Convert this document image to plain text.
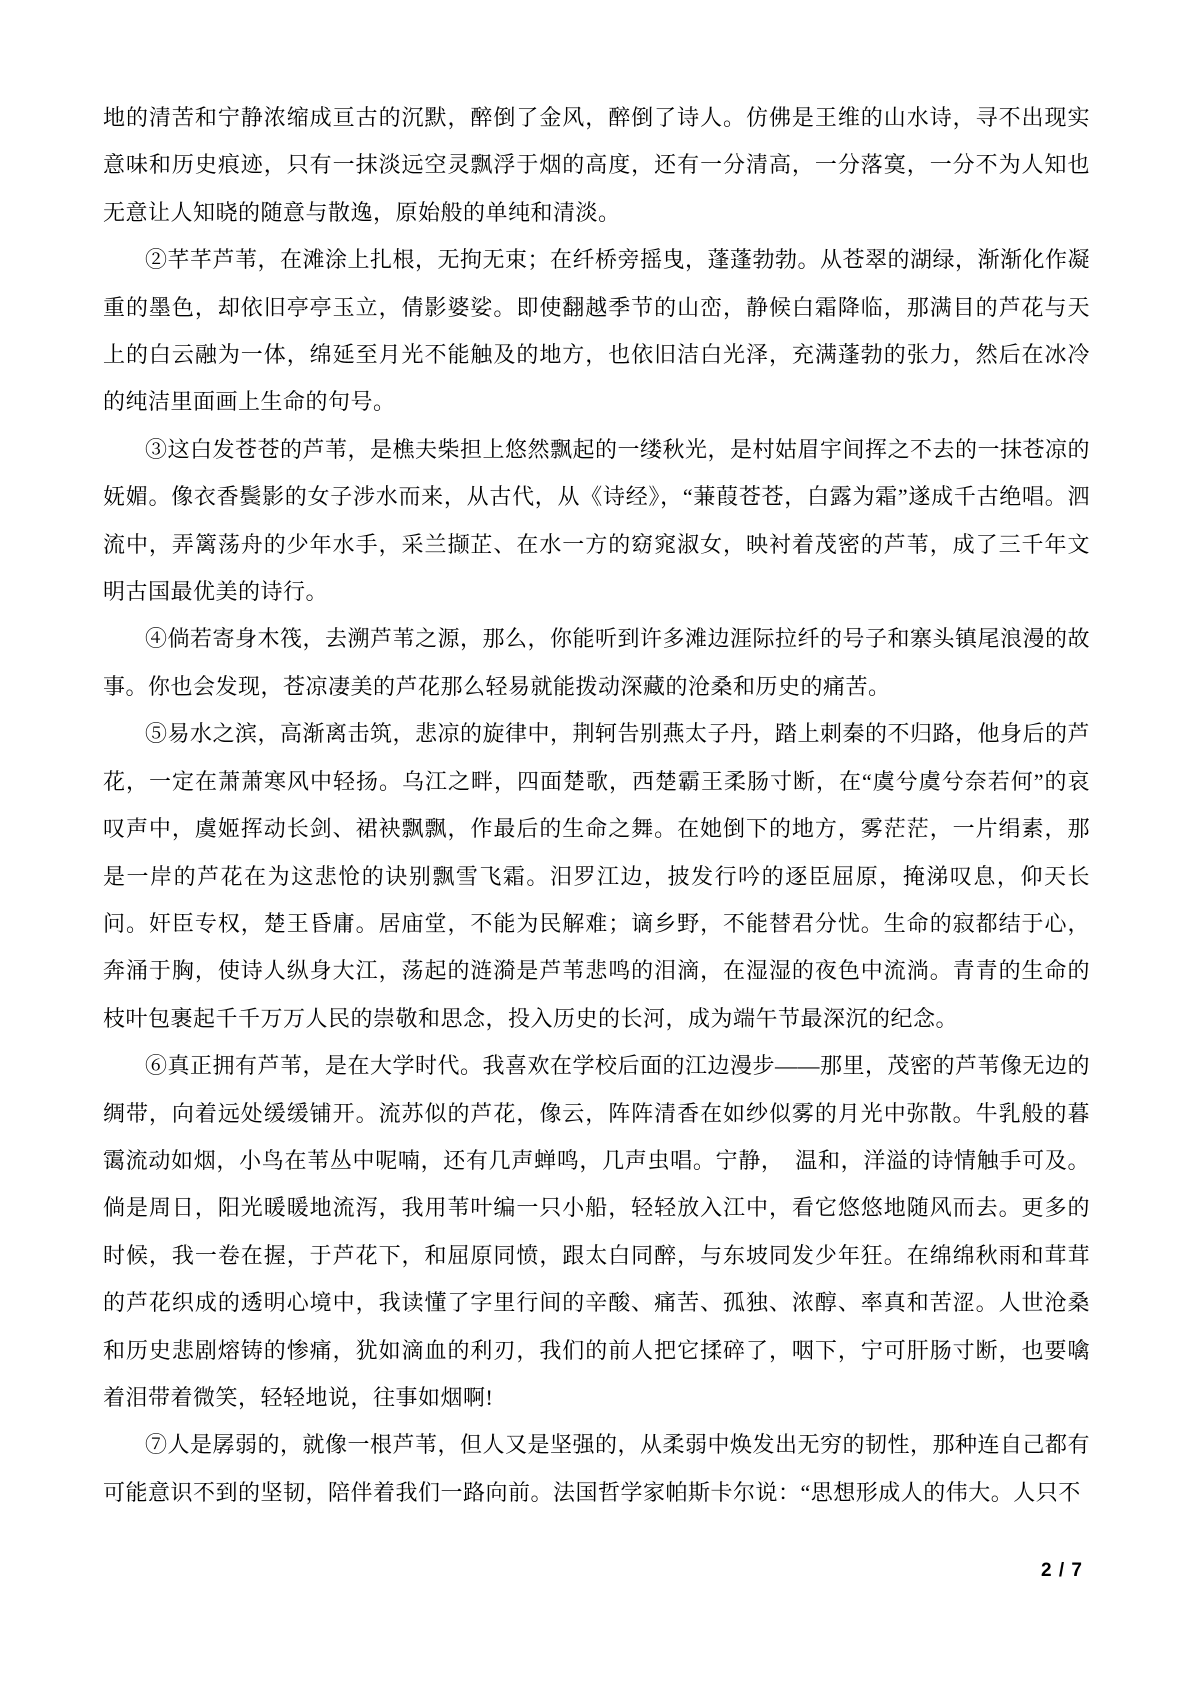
地的清苦和宁静浓缩成亘古的沉默，醉倒了金风，醉倒了诗人。仿佛是王维的山水诗，寻不出现实意味和历史痕迹，只有一抹淡远空灵飘浮于烟的高度，还有一分清高，一分落寞，一分不为人知也无意让人知晓的随意与散逸，原始般的单纯和清淡。

②芊芊芦苇，在滩涂上扎根，无拘无束；在纤桥旁摇曳，蓬蓬勃勃。从苍翠的湖绿，渐渐化作凝重的墨色，却依旧亭亭玉立，倩影婆娑。即使翻越季节的山峦，静候白霜降临，那满目的芦花与天上的白云融为一体，绵延至月光不能触及的地方，也依旧洁白光泽，充满蓬勃的张力，然后在冰冷的纯洁里面画上生命的句号。

③这白发苍苍的芦苇，是樵夫柴担上悠然飘起的一缕秋光，是村姑眉宇间挥之不去的一抹苍凉的妩媚。像衣香鬓影的女子涉水而来，从古代，从《诗经》，“蒹葭苍苍，白露为霜”遂成千古绝唱。泗流中，弄篱荡舟的少年水手，采兰撷芷、在水一方的窈窕淑女，映衬着茂密的芦苇，成了三千年文明古国最优美的诗行。

④倘若寄身木筏，去溯芦苇之源，那么，你能听到许多滩边涯际拉纤的号子和寨头镇尾浪漫的故事。你也会发现，苍凉凄美的芦花那么轻易就能拨动深藏的沧桑和历史的痛苦。

⑤易水之滨，高渐离击筑，悲凉的旋律中，荆轲告别燕太子丹，踏上刺秦的不归路，他身后的芦花，一定在萧萧寒风中轻扬。乌江之畔，四面楚歌，西楚霸王柔肠寸断，在“虞兮虞兮奈若何”的哀叹声中，虞姬挥动长剑、裙袂飘飘，作最后的生命之舞。在她倒下的地方，雾茫茫，一片绢素，那是一岸的芦花在为这悲怆的诀别飘雪飞霜。汨罗江边，披发行吟的逐臣屈原，掩涕叹息，仰天长问。奸臣专权，楚王昏庸。居庙堂，不能为民解难；谪乡野，不能替君分忧。生命的寂都结于心，奔涌于胸，使诗人纵身大江，荡起的涟漪是芦苇悲鸣的泪滴，在湿湿的夜色中流淌。青青的生命的枝叶包裹起千千万万人民的崇敬和思念，投入历史的长河，成为端午节最深沉的纪念。

⑥真正拥有芦苇，是在大学时代。我喜欢在学校后面的江边漫步——那里，茂密的芦苇像无边的绸带，向着远处缓缓铺开。流苏似的芦花，像云，阵阵清香在如纱似雾的月光中弥散。牛乳般的暮霭流动如烟，小鸟在苇丛中呢喃，还有几声蝉鸣，几声虫唱。宁静，　温和，洋溢的诗情触手可及。倘是周日，阳光暖暖地流泻，我用苇叶编一只小船，轻轻放入江中，看它悠悠地随风而去。更多的时候，我一卷在握，于芦花下，和屈原同愤，跟太白同醉，与东坡同发少年狂。在绵绵秋雨和茸茸的芦花织成的透明心境中，我读懂了字里行间的辛酸、痛苦、孤独、浓醇、率真和苦涩。人世沧桑和历史悲剧熔铸的惨痛，犹如滴血的利刃，我们的前人把它揉碎了，咽下，宁可肝肠寸断，也要噙着泪带着微笑，轻轻地说，往事如烟啊!

⑦人是孱弱的，就像一根芦苇，但人又是坚强的，从柔弱中焕发出无穷的韧性，那种连自己都有可能意识不到的坚韧，陪伴着我们一路向前。法国哲学家帕斯卡尔说：“思想形成人的伟大。人只不

2 / 7
